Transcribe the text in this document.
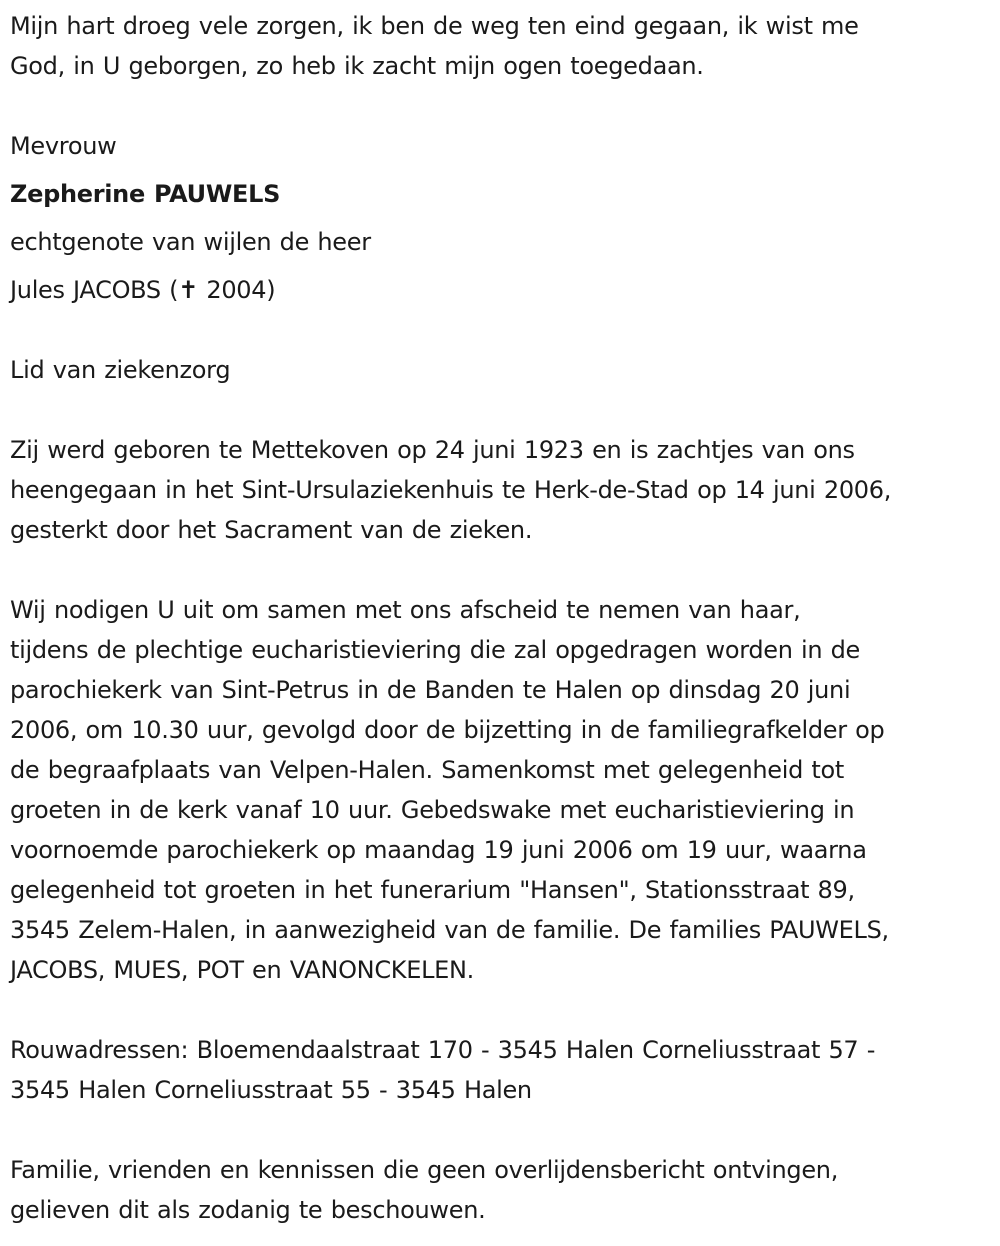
Mijn hart droeg vele zorgen, ik ben de weg ten eind gegaan, ik wist me
God, in U geborgen, zo heb ik zacht mijn ogen toegedaan.
Mevrouw
Zepherine PAUWELS
echtgenote van wijlen de heer
Jules JACOBS (✝ 2004)
Lid van ziekenzorg
Zij werd geboren te Mettekoven op 24 juni 1923 en is zachtjes van ons
heengegaan in het Sint-Ursulaziekenhuis te Herk-de-Stad op 14 juni 2006,
gesterkt door het Sacrament van de zieken.
Wij nodigen U uit om samen met ons afscheid te nemen van haar,
tijdens de plechtige eucharistieviering die zal opgedragen worden in de
parochiekerk van Sint-Petrus in de Banden te Halen op dinsdag 20 juni
2006, om 10.30 uur, gevolgd door de bijzetting in de familiegrafkelder op
de begraafplaats van Velpen-Halen. Samenkomst met gelegenheid tot
groeten in de kerk vanaf 10 uur. Gebedswake met eucharistieviering in
voornoemde parochiekerk op maandag 19 juni 2006 om 19 uur, waarna
gelegenheid tot groeten in het funerarium "Hansen", Stationsstraat 89,
3545 Zelem-Halen, in aanwezigheid van de familie. De families PAUWELS,
JACOBS, MUES, POT en VANONCKELEN.
Rouwadressen: Bloemendaalstraat 170 - 3545 Halen Corneliusstraat 57 -
3545 Halen Corneliusstraat 55 - 3545 Halen
Familie, vrienden en kennissen die geen overlijdensbericht ontvingen,
gelieven dit als zodanig te beschouwen.
